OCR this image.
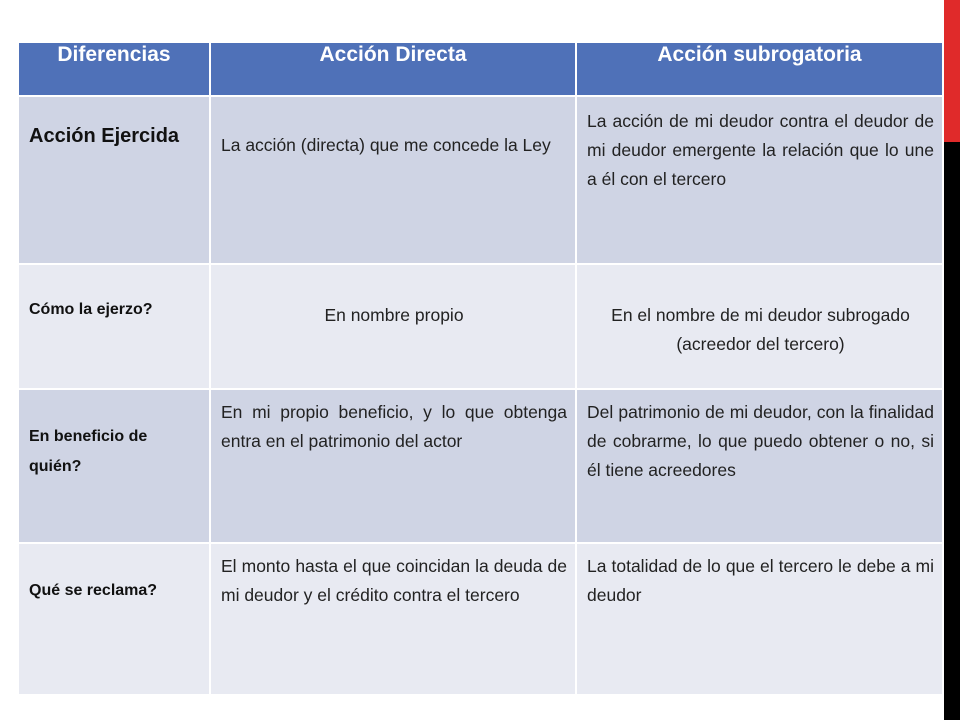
Diferencias	Acción Directa	Acción subrogatoria

Acción Ejercida	La acción (directa) que me concede la Ley	La acción de mi deudor contra el deudor de mi deudor emergente la relación que lo une a él con el tercero

Cómo la ejerzo?	En nombre propio	En el nombre de mi deudor subrogado (acreedor del tercero)

En beneficio de quién?	En mi propio beneficio, y lo que obtenga entra en el patrimonio del actor	Del patrimonio de mi deudor, con la finalidad de cobrarme, lo que puedo obtener o no, si él tiene acreedores

Qué se reclama?	El monto hasta el que coincidan la deuda de mi deudor y el crédito contra el tercero	La totalidad de lo que el tercero le debe a mi deudor
